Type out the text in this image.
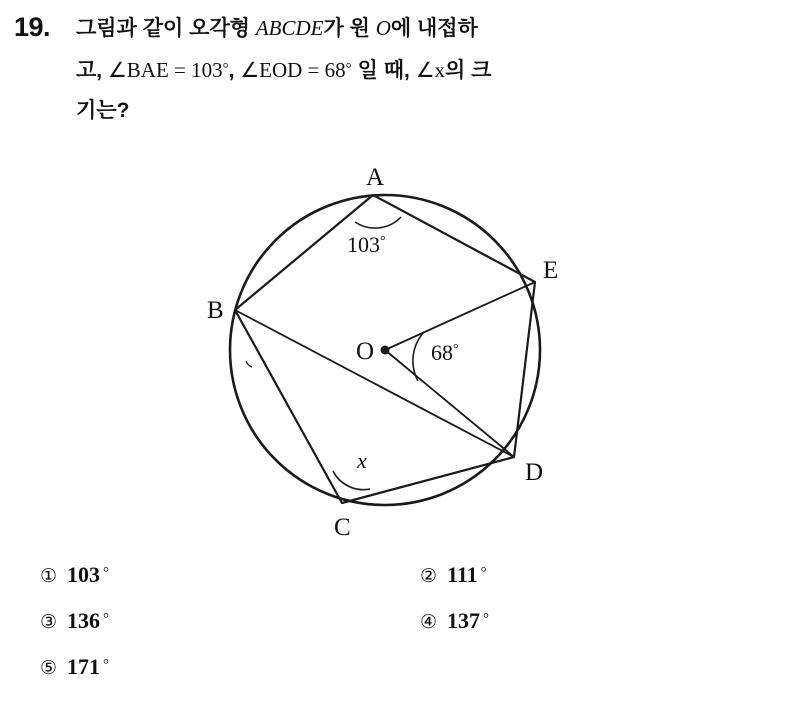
19. 그림과 같이 오각형 ABCDE가 원 O에 내접하
고, ∠BAE = 103°, ∠EOD = 68° 일 때, ∠x의 크
기는?
A
B
C
D
E
O
103°
68°
x
① 103 °	② 111 °
③ 136 °	④ 137 °
⑤ 171 °
